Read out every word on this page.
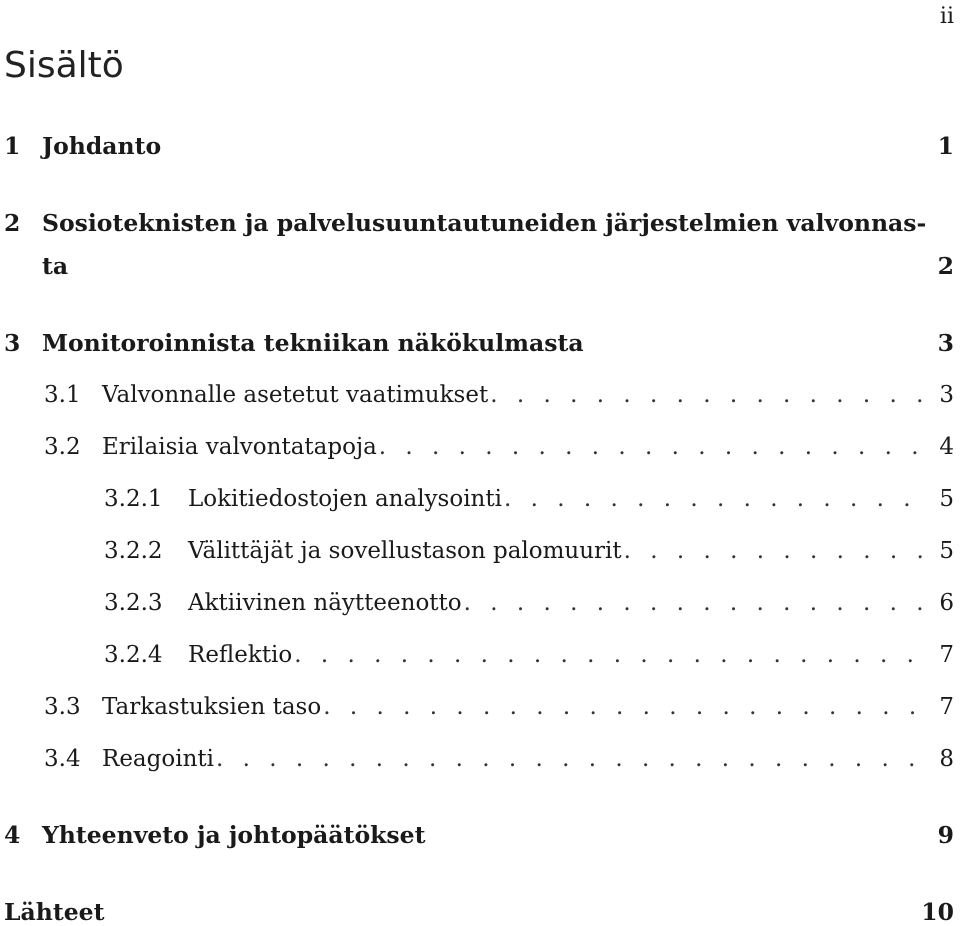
ii
Sisältö
1 Johdanto	1
2 Sosioteknisten ja palvelusuuntautuneiden järjestelmien valvonnas-
ta	2
3 Monitoroinnista tekniikan näkökulmasta	3
3.1 Valvonnalle asetetut vaatimukset . . .	3
3.2 Erilaisia valvontatapoja . . .	4
3.2.1	Lokitiedostojen analysointi . . .	5
3.2.2	Välittäjät ja sovellustason palomuurit . . .	5
3.2.3	Aktiivinen näytteenotto . . .	6
3.2.4	Reflektio . . .	7
3.3 Tarkastuksien taso . . .	7
3.4 Reagointi . . .	8
4 Yhteenveto ja johtopäätökset	9
Lähteet	10
